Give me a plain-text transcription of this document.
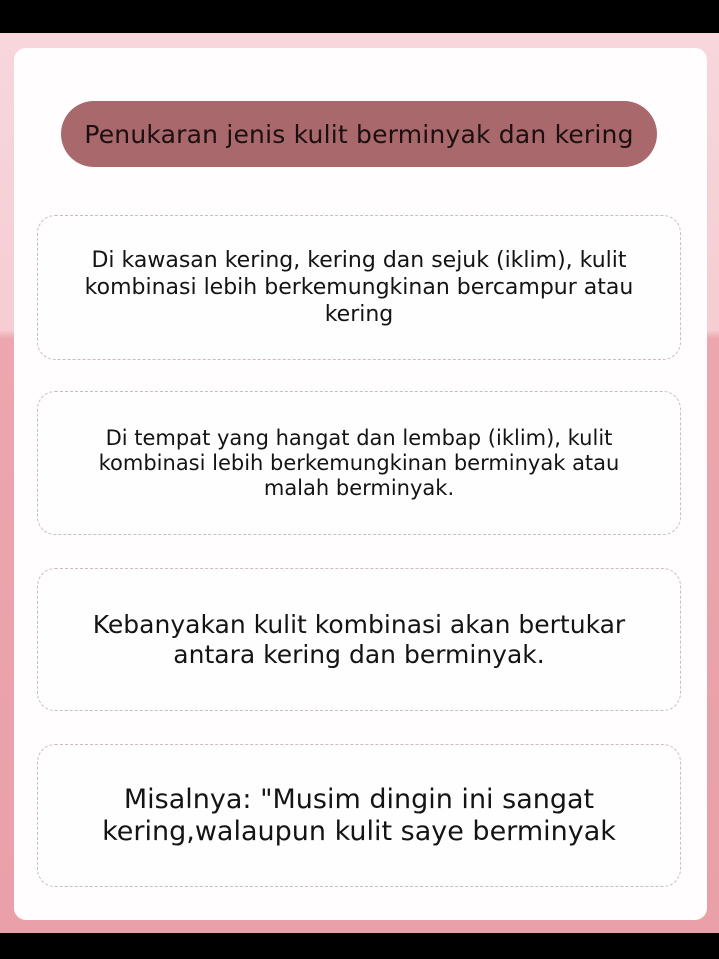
Penukaran jenis kulit berminyak dan kering
Di kawasan kering, kering dan sejuk (iklim), kulit kombinasi lebih berkemungkinan bercampur atau kering
Di tempat yang hangat dan lembap (iklim), kulit kombinasi lebih berkemungkinan berminyak atau malah berminyak.
Kebanyakan kulit kombinasi akan bertukar antara kering dan berminyak.
Misalnya: "Musim dingin ini sangat kering,walaupun kulit saye berminyak
